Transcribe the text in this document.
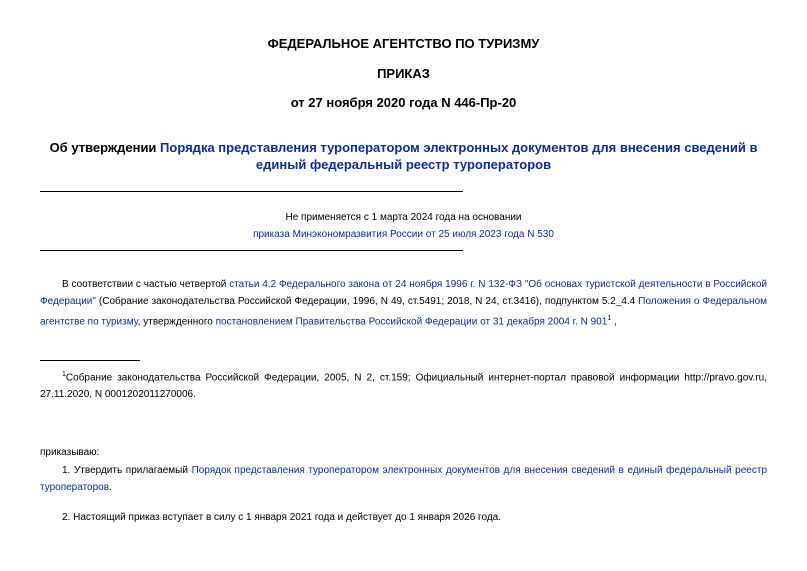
ФЕДЕРАЛЬНОЕ АГЕНТСТВО ПО ТУРИЗМУ
ПРИКАЗ
от 27 ноября 2020 года N 446-Пр-20
Об утверждении Порядка представления туроператором электронных документов для внесения сведений в единый федеральный реестр туроператоров
Не применяется с 1 марта 2024 года на основании
приказа Минэкономразвития России от 25 июля 2023 года N 530
В соответствии с частью четвертой статьи 4.2 Федерального закона от 24 ноября 1996 г. N 132-ФЗ "Об основах туристской деятельности в Российской Федерации" (Собрание законодательства Российской Федерации, 1996, N 49, ст.5491; 2018, N 24, ст.3416), подпунктом 5.2_4.4 Положения о Федеральном агентстве по туризму, утвержденного постановлением Правительства Российской Федерации от 31 декабря 2004 г. N $901^1$ ,
$^1$Собрание законодательства Российской Федерации, 2005, N 2, ст.159; Официальный интернет-портал правовой информации http://pravo.gov.ru, 27.11.2020, N 0001202011270006.
приказываю:
1. Утвердить прилагаемый Порядок представления туроператором электронных документов для внесения сведений в единый федеральный реестр туроператоров.
2. Настоящий приказ вступает в силу с 1 января 2021 года и действует до 1 января 2026 года.
